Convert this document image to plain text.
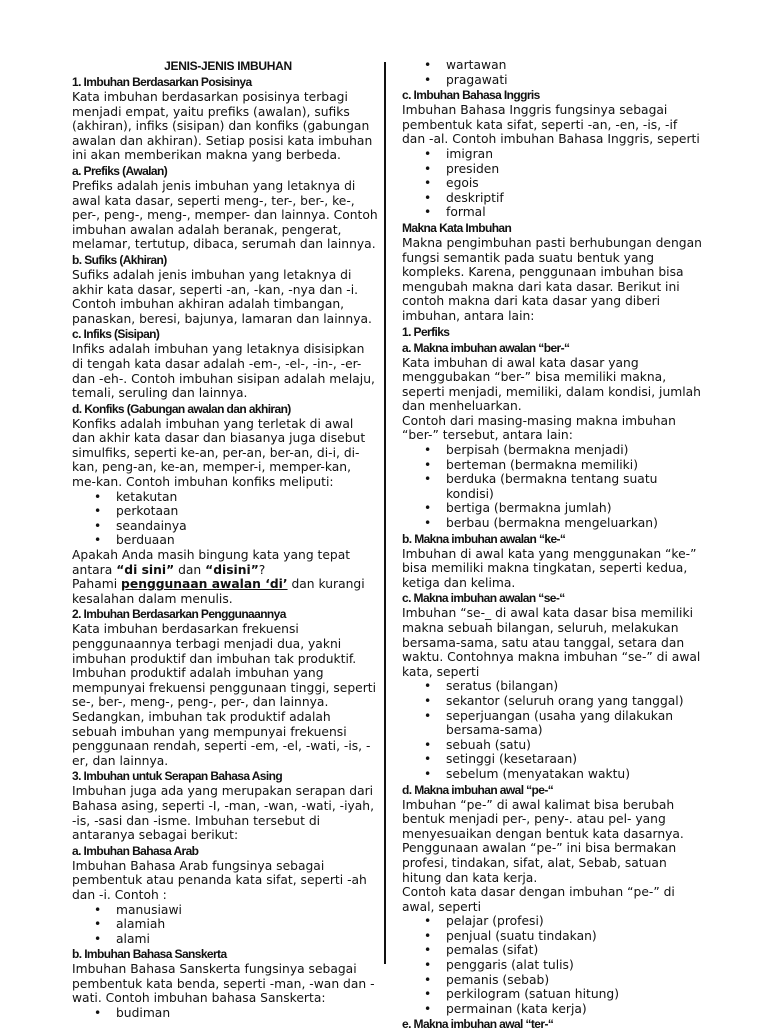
JENIS-JENIS IMBUHAN
1. Imbuhan Berdasarkan Posisinya

Kata imbuhan berdasarkan posisinya terbagi menjadi empat, yaitu prefiks (awalan), sufiks (akhiran), infiks (sisipan) dan konfiks (gabungan awalan dan akhiran). Setiap posisi kata imbuhan ini akan memberikan makna yang berbeda.

a. Prefiks (Awalan)

Prefiks adalah jenis imbuhan yang letaknya di awal kata dasar, seperti meng-, ter-, ber-, ke-, per-, peng-, meng-, memper- dan lainnya. Contoh imbuhan awalan adalah beranak, pengerat, melamar, tertutup, dibaca, serumah dan lainnya.

b. Sufiks (Akhiran)

Sufiks adalah jenis imbuhan yang letaknya di akhir kata dasar, seperti -an, -kan, -nya dan -i. Contoh imbuhan akhiran adalah timbangan, panaskan, beresi, bajunya, lamaran dan lainnya.

c. Infiks (Sisipan)

Infiks adalah imbuhan yang letaknya disisipkan di tengah kata dasar adalah -em-, -el-, -in-, -er- dan -eh-. Contoh imbuhan sisipan adalah melaju, temali, seruling dan lainnya.

d. Konfiks (Gabungan awalan dan akhiran)

Konfiks adalah imbuhan yang terletak di awal dan akhir kata dasar dan biasanya juga disebut simulfiks, seperti ke-an, per-an, ber-an, di-i, di-kan, peng-an, ke-an, memper-i, memper-kan, me-kan. Contoh imbuhan konfiks meliputi:

• ketakutan
• perkotaan
• seandainya
• berduaan
Apakah Anda masih bingung kata yang tepat
antara “di sini” dan “disini”?
Pahami penggunaan awalan ‘di’ dan kurangi kesalahan dalam menulis.
2. Imbuhan Berdasarkan Penggunaannya

Kata imbuhan berdasarkan frekuensi penggunaannya terbagi menjadi dua, yakni imbuhan produktif dan imbuhan tak produktif.

Imbuhan produktif adalah imbuhan yang mempunyai frekuensi penggunaan tinggi, seperti se-, ber-, meng-, peng-, per-, dan lainnya.

Sedangkan, imbuhan tak produktif adalah sebuah imbuhan yang mempunyai frekuensi penggunaan rendah, seperti -em, -el, -wati, -is, -er, dan lainnya.

3. Imbuhan untuk Serapan Bahasa Asing

Imbuhan juga ada yang merupakan serapan dari Bahasa asing, seperti -I, -man, -wan, -wati, -iyah, -is, -sasi dan -isme. Imbuhan tersebut di antaranya sebagai berikut:

a. Imbuhan Bahasa Arab

Imbuhan Bahasa Arab fungsinya sebagai pembentuk atau penanda kata sifat, seperti -ah dan -i. Contoh :

• manusiawi
• alamiah
• alami
b. Imbuhan Bahasa Sanskerta

Imbuhan Bahasa Sanskerta fungsinya sebagai pembentuk kata benda, seperti -man, -wan dan -wati. Contoh imbuhan bahasa Sanskerta:

• budiman
• wartawan
• pragawati
c. Imbuhan Bahasa Inggris

Imbuhan Bahasa Inggris fungsinya sebagai pembentuk kata sifat, seperti -an, -en, -is, -if dan -al. Contoh imbuhan Bahasa Inggris, seperti

• imigran
• presiden
• egois
• deskriptif
• formal
Makna Kata Imbuhan

Makna pengimbuhan pasti berhubungan dengan fungsi semantik pada suatu bentuk yang kompleks. Karena, penggunaan imbuhan bisa mengubah makna dari kata dasar. Berikut ini contoh makna dari kata dasar yang diberi imbuhan, antara lain:

1. Perfiks
a. Makna imbuhan awalan “ber-“

Kata imbuhan di awal kata dasar yang menggubakan “ber-” bisa memiliki makna, seperti menjadi, memiliki, dalam kondisi, jumlah dan menheluarkan.

Contoh dari masing-masing makna imbuhan “ber-” tersebut, antara lain:

• berpisah (bermakna menjadi)
• berteman (bermakna memiliki)
• berduka (bermakna tentang suatu kondisi)
• bertiga (bermakna jumlah)
• berbau (bermakna mengeluarkan)
b. Makna imbuhan awalan “ke-“

Imbuhan di awal kata yang menggunakan “ke-” bisa memiliki makna tingkatan, seperti kedua, ketiga dan kelima.

c. Makna imbuhan awalan “se-“

Imbuhan “se-_ di awal kata dasar bisa memiliki makna sebuah bilangan, seluruh, melakukan bersama-sama, satu atau tanggal, setara dan waktu. Contohnya makna imbuhan “se-” di awal kata, seperti

• seratus (bilangan)
• sekantor (seluruh orang yang tanggal)
• seperjuangan (usaha yang dilakukan bersama-sama)
• sebuah (satu)
• setinggi (kesetaraan)
• sebelum (menyatakan waktu)
d. Makna imbuhan awal “pe-“

Imbuhan “pe-” di awal kalimat bisa berubah bentuk menjadi per-, peny-. atau pel- yang menyesuaikan dengan bentuk kata dasarnya. Penggunaan awalan “pe-” ini bisa bermakan profesi, tindakan, sifat, alat, Sebab, satuan hitung dan kata kerja.

Contoh kata dasar dengan imbuhan “pe-” di awal, seperti

• pelajar (profesi)
• penjual (suatu tindakan)
• pemalas (sifat)
• penggaris (alat tulis)
• pemanis (sebab)
• perkilogram (satuan hitung)
• permainan (kata kerja)
e. Makna imbuhan awal “ter-“
